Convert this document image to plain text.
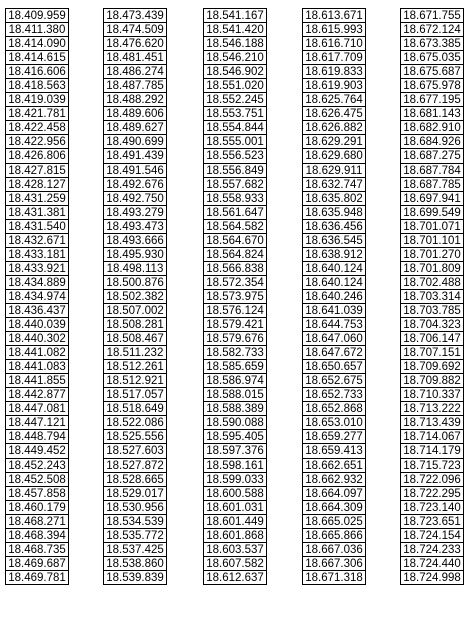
18.409.959
18.411.380
18.414.090
18.414.615
18.416.606
18.418.563
18.419.039
18.421.781
18.422.458
18.422.956
18.426.806
18.427.815
18.428.127
18.431.259
18.431.381
18.431.540
18.432.671
18.433.181
18.433.921
18.434.889
18.434.974
18.436.437
18.440.039
18.440.302
18.441.082
18.441.083
18.441.855
18.442.877
18.447.081
18.447.121
18.448.794
18.449.452
18.452.243
18.452.508
18.457.858
18.460.179
18.468.271
18.468.394
18.468.735
18.469.687
18.469.781
18.473.439
18.474.509
18.476.620
18.481.451
18.486.274
18.487.785
18.488.292
18.489.606
18.489.627
18.490.699
18.491.439
18.491.546
18.492.676
18.492.750
18.493.279
18.493.473
18.493.666
18.495.930
18.498.113
18.500.876
18.502.382
18.507.002
18.508.281
18.508.467
18.511.232
18.512.261
18.512.921
18.517.057
18.518.649
18.522.086
18.525.556
18.527.603
18.527.872
18.528.665
18.529.017
18.530.956
18.534.539
18.535.772
18.537.425
18.538.860
18.539.839
18.541.167
18.541.420
18.546.188
18.546.210
18.546.902
18.551.020
18.552.245
18.553.751
18.554.844
18.555.001
18.556.523
18.556.849
18.557.682
18.558.933
18.561.647
18.564.582
18.564.670
18.564.824
18.566.838
18.572.354
18.573.975
18.576.124
18.579.421
18.579.676
18.582.733
18.585.659
18.586.974
18.588.015
18.588.389
18.590.088
18.595.405
18.597.376
18.598.161
18.599.033
18.600.588
18.601.031
18.601.449
18.601.868
18.603.537
18.607.582
18.612.637
18.613.671
18.615.993
18.616.710
18.617.709
18.619.833
18.619.903
18.625.764
18.626.475
18.626.882
18.629.291
18.629.680
18.629.911
18.632.747
18.635.802
18.635.948
18.636.456
18.636.545
18.638.912
18.640.124
18.640.124
18.640.246
18.641.039
18.644.753
18.647.060
18.647.672
18.650.657
18.652.675
18.652.733
18.652.868
18.653.010
18.659.277
18.659.413
18.662.651
18.662.932
18.664.097
18.664.309
18.665.025
18.665.866
18.667.036
18.667.306
18.671.318
18.671.755
18.672.124
18.673.385
18.675.035
18.675.687
18.675.978
18.677.195
18.681.143
18.682.910
18.684.926
18.687.275
18.687.784
18.687.785
18.697.941
18.699.549
18.701.071
18.701.101
18.701.270
18.701.809
18.702.488
18.703.314
18.703.785
18.704.323
18.706.147
18.707.151
18.709.692
18.709.882
18.710.337
18.713.222
18.713.439
18.714.067
18.714.179
18.715.723
18.722.096
18.722.295
18.723.140
18.723.651
18.724.154
18.724.233
18.724.440
18.724.998
